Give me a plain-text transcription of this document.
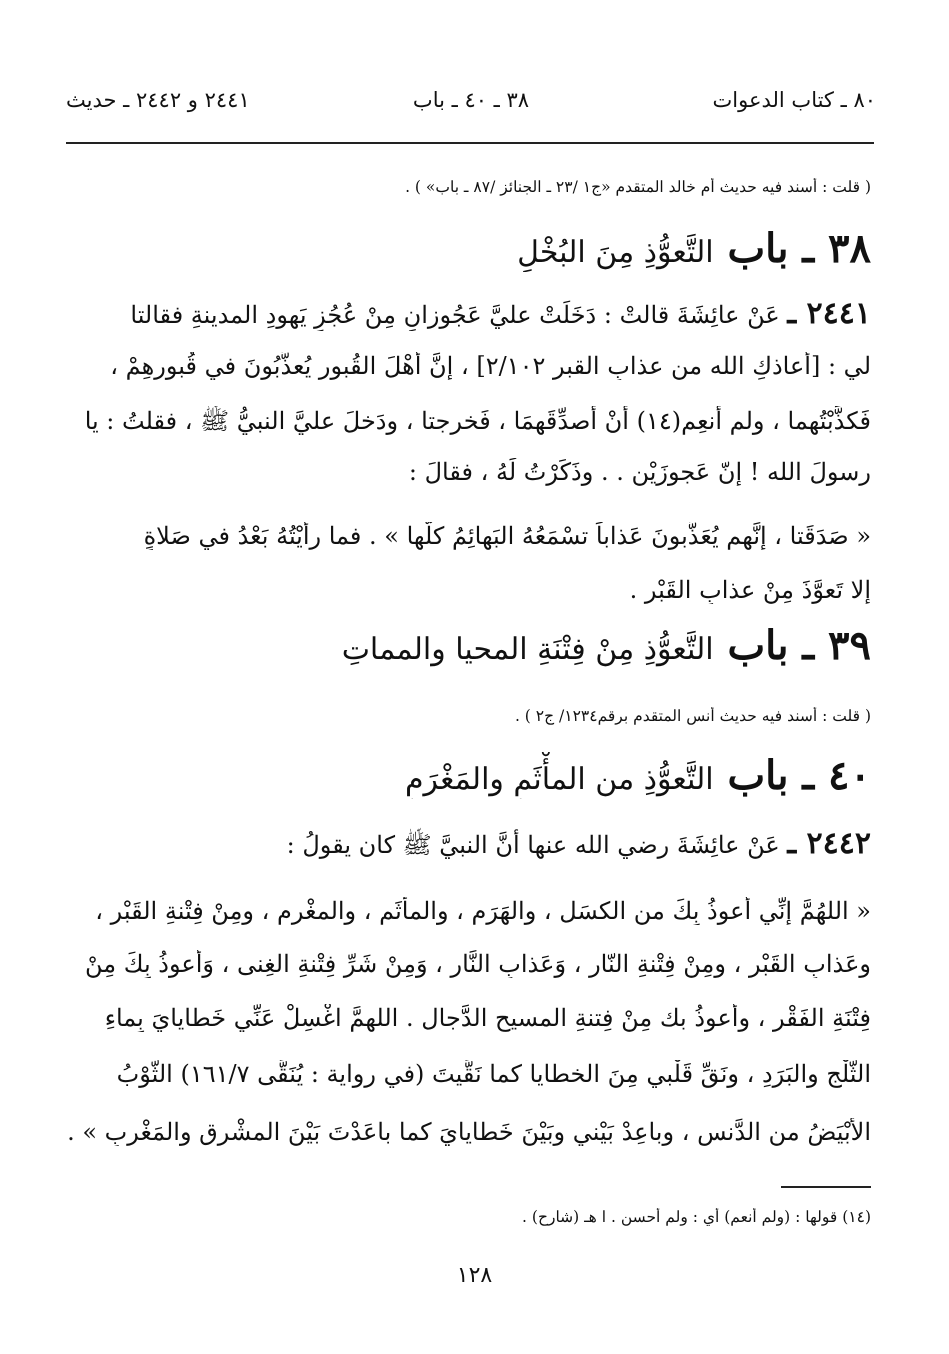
٨٠ ـ كتاب الدعوات
٣٨ ـ ٤٠ ـ باب
٢٤٤١ و ٢٤٤٢ ـ حديث
( قلت : أسند فيه حديث أم خالد المتقدم «ج١ /٢٣ ـ الجنائز /٨٧ ـ باب» ) .
٣٨ ـ باب التَّعوُّذِ مِنَ البُخْلِ
٢٤٤١ ـ عَنْ عائِشَةَ قالتْ : دَخَلَتْ عليَّ عَجُوزانِ مِنْ عُجُزِ يَهودِ المدينةِ فقالتا
لي : [أعاذكِ الله من عذابِ القبرِ ٢/١٠٢] ، إنَّ أهْلَ القُبورِ يُعذَّبُونَ في قُبورِهِمْ ،
فَكذَّبْتُهما ، ولم أُنعِم(١٤) أنْ أُصدِّقَهمَا ، فَخرجتا ، ودَخلَ عليَّ النبيُّ ﷺ ، فقلتُ : يا
رسولَ الله ! إنّ عَجوزَيْنِ . . وذَكَرْتُ لَهُ ، فقالَ :
« صَدَقَتا ، إنَّهم يُعَذَّبونَ عَذاباً تسْمَعُهُ البَهائِمُ كلُّها » . فما رأَيْتُهُ بَعْدُ في صَلاةٍ
إلا تَعوَّذَ مِنْ عذابِ القَبْرِ .
٣٩ ـ باب التَّعوُّذِ مِنْ فِتْنَةِ المحيا والمماتِ
( قلت : أسند فيه حديث أنس المتقدم برقم١٢٣٤/ ج٢ ) .
٤٠ ـ باب التَّعوُّذِ من المأْثَمِ والمَغْرَمِ
٢٤٤٢ ـ عَنْ عائِشَةَ رضي الله عنها أنَّ النبيَّ ﷺ كان يقولُ :
« اللهُمَّ إنِّي أَعوذُ بِكَ من الكسَلِ ، والهَرَمِ ، والمأْثَمِ ، والمغْرمِ ، ومِنْ فِتْنةِ القَبْرِ ،
وعَذابِ القَبْرِ ، ومِنْ فِتْنةِ النّارِ ، وَعَذابِ النَّارِ ، وَمِنْ شَرِّ فِتْنةِ الغِنى ، وَأعوذُ بِكَ مِنْ
فِتْنَةِ الفَقْرِ ، وأعوذُ بك مِنْ فِتنةِ المسيحِ الدَّجالِ . اللهمَّ اغْسِلْ عَنِّي خَطايايَ بِماءِ
الثَّلْجِ والبَرَدِ ، ونَقِّ قَلْبي مِنَ الخطايا كما نَقَّيتَ (في رواية : يُنَقَّى ١٦١/٧) الثَّوْبُ
الأبْيَضُ من الدَّنسِ ، وباعِدْ بَيْني وبَيْنَ خَطايايَ كما باعَدْتَ بَيْنَ المشْرِقِ والمَغْرِبِ » .
(١٤) قولها : (ولم أنعم) أي : ولم أحسن . ا هـ (شارح) .
١٢٨
